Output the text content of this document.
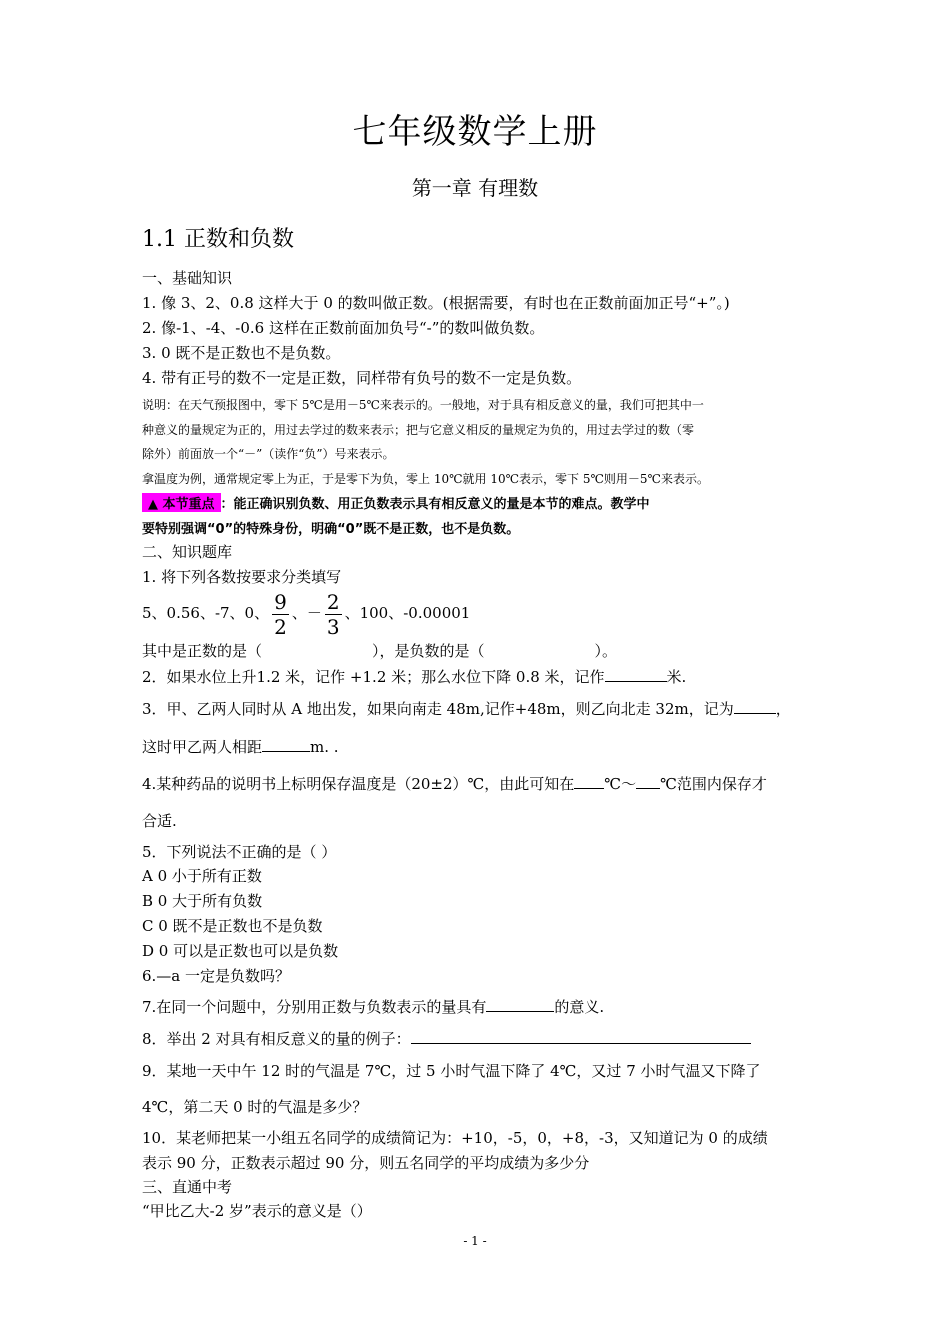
七年级数学上册
第一章 有理数
1.1 正数和负数
一、基础知识
1. 像 3、2、0.8 这样大于 0 的数叫做正数。(根据需要，有时也在正数前面加正号“+”。)
2. 像-1、-4、-0.6 这样在正数前面加负号“-”的数叫做负数。
3. 0 既不是正数也不是负数。
4. 带有正号的数不一定是正数，同样带有负号的数不一定是负数。
说明：在天气预报图中，零下 5℃是用－5℃来表示的。一般地，对于具有相反意义的量，我们可把其中一
种意义的量规定为正的，用过去学过的数来表示；把与它意义相反的量规定为负的，用过去学过的数（零
除外）前面放一个“－”（读作“负”）号来表示。
拿温度为例，通常规定零上为正，于是零下为负，零上 10℃就用 10℃表示，零下 5℃则用－5℃来表示。
▲ 本节重点 ：能正确识别负数、用正负数表示具有相反意义的量是本节的难点。教学中
要特别强调“0”的特殊身份，明确“0”既不是正数，也不是负数。
二、知识题库
1. 将下列各数按要求分类填写
5、0.56、-7、0、 $\frac{9}{2}$ 、－ $\frac{2}{3}$ 、100、-0.00001
其中是正数的是（	），是负数的是（	）。
2．如果水位上升1.2 米，记作 +1.2 米；那么水位下降 0.8 米，记作	米.
3．甲、乙两人同时从 A 地出发，如果向南走 48m,记作+48m，则乙向北走 32m，记为	，
这时甲乙两人相距	m. .
4.某种药品的说明书上标明保存温度是（20±2）℃，由此可知在 ℃～ ℃范围内保存才
合适.
5．下列说法不正确的是（ ）
A 0 小于所有正数
B 0 大于所有负数
C 0 既不是正数也不是负数
D 0 可以是正数也可以是负数
6.—a 一定是负数吗？
7.在同一个问题中，分别用正数与负数表示的量具有	的意义.
8．举出 2 对具有相反意义的量的例子：
9．某地一天中午 12 时的气温是 7℃，过 5 小时气温下降了 4℃，又过 7 小时气温又下降了
4℃，第二天 0 时的气温是多少？
10．某老师把某一小组五名同学的成绩简记为：+10，-5，0，+8，-3，又知道记为 0 的成绩
表示 90 分，正数表示超过 90 分，则五名同学的平均成绩为多少分
三、直通中考
“甲比乙大-2 岁”表示的意义是（）
- 1 -
